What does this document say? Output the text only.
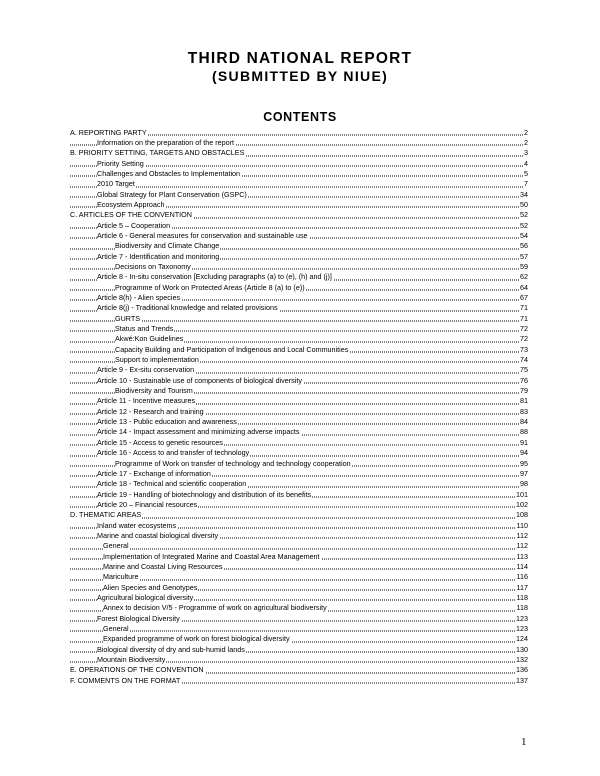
THIRD NATIONAL REPORT
(SUBMITTED BY NIUE)
CONTENTS
A. REPORTING PARTY	2
Information on the preparation of the report	2
B. PRIORITY SETTING, TARGETS AND OBSTACLES	3
Priority Setting	4
Challenges and Obstacles to Implementation	5
2010 Target	7
Global Strategy for Plant Conservation (GSPC)	34
Ecosystem Approach	50
C. ARTICLES OF THE CONVENTION	52
Article 5 – Cooperation	52
Article 6 - General measures for conservation and sustainable use	54
Biodiversity and Climate Change	56
Article 7 - Identification and monitoring	57
Decisions on Taxonomy	59
Article 8 - In-situ conservation [Excluding paragraphs (a) to (e), (h) and (j)]	62
Programme of Work on Protected Areas (Article 8 (a) to (e))	64
Article 8(h) - Alien species	67
Article 8(j) - Traditional knowledge and related provisions	71
GURTS	71
Status and Trends	72
Akwé:Kon Guidelines	72
Capacity Building and Participation of Indigenous and Local Communities	73
Support to implementation	74
Article 9 - Ex-situ conservation	75
Article 10 - Sustainable use of components of biological diversity	76
Biodiversity and Tourism	79
Article 11 - Incentive measures	81
Article 12 - Research and training	83
Article 13 - Public education and awareness	84
Article 14 - Impact assessment and minimizing adverse impacts	88
Article 15 - Access to genetic resources	91
Article 16 - Access to and transfer of technology	94
Programme of Work on transfer of technology and technology cooperation	95
Article 17 - Exchange of information	97
Article 18 - Technical and scientific cooperation	98
Article 19 - Handling of biotechnology and distribution of its benefits	101
Article 20 – Financial resources	102
D. THEMATIC AREAS	108
Inland water ecosystems	110
Marine and coastal biological diversity	112
General	112
Implementation of Integrated Marine and Coastal Area Management	113
Marine and Coastal Living Resources	114
Mariculture	116
Alien Species and Genotypes	117
Agricultural biological diversity	118
Annex to decision V/5 - Programme of work on agricultural biodiversity	118
Forest Biological Diversity	123
General	123
Expanded programme of work on forest biological diversity	124
Biological diversity of dry and sub-humid lands	130
Mountain Biodiversity	132
E. OPERATIONS OF THE CONVENTION	136
F. COMMENTS ON THE FORMAT	137
1
